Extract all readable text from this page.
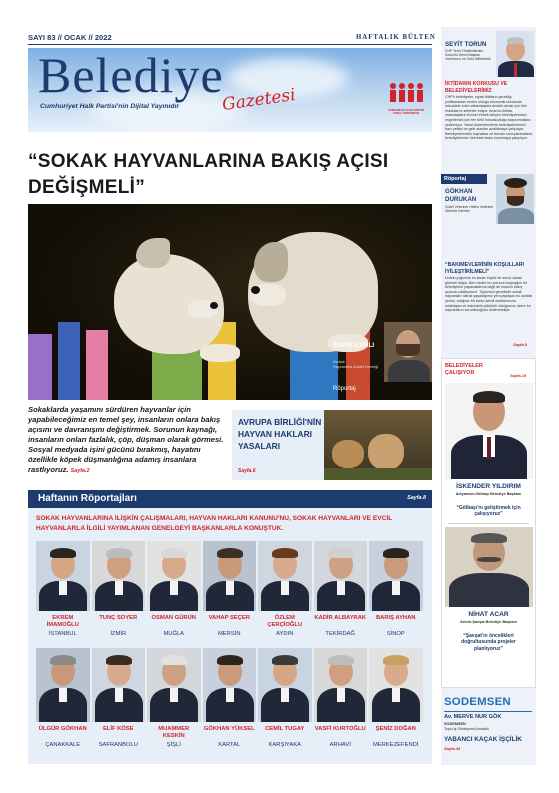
SAYI 83 // OCAK // 2022	HAFTALIK BÜLTEN
Belediye
Gazetesi
Cumhuriyet Halk Partisi'nin Dijital Yayınıdır
CUMHURİYET HALK PARTİSİ YEREL YÖNETİMLER
“SOKAK HAYVANLARINA BAKIŞ AÇISI DEĞİŞMELİ”
BARIŞ KARLI
Avukat
Hayvanlara Adalet Derneği
Röportaj
Sokaklarda yaşamını sürdüren hayvanlar için yapabileceğimiz en temel şey, insanların onlara bakış açısını ve davranışını değiştirmek. Sorunun kaynağı, insanların onları fazlalık, çöp, düşman olarak görmesi. Sosyal medyada işini gücünü bırakmış, hayatını özellikle köpek düşmanlığına adamış insanlara rastlıyoruz. Sayfa.2
AVRUPA BİRLİĞİ'NİN HAYVAN HAKLARI YASALARI
Sayfa.6
Haftanın Röportajları	Sayfa.8
SOKAK HAYVANLARINA İLİŞKİN ÇALIŞMALARI, HAYVAN HAKLARI KANUNU'NU, SOKAK HAYVANLARI VE EVCİL HAYVANLARLA İLGİLİ YAYIMLANAN GENELGEYİ BAŞKANLARLA KONUŞTUK.
EKREM İMAMOĞLU
İSTANBUL
TUNÇ SOYER
İZMİR
OSMAN GÜRÜN
MUĞLA
VAHAP SEÇER
MERSİN
ÖZLEM ÇERÇİOĞLU
AYDIN
KADİR ALBAYRAK
TEKİRDAĞ
BARIŞ AYHAN
SİNOP
ÜLGÜR GÖKHAN
ÇANAKKALE
ELİF KÖSE
SAFRANBOLU
MUAMMER KESKİN
ŞİŞLİ
GÖKHAN YÜKSEL
KARTAL
CEMİL TUGAY
KARŞIYAKA
VASFİ KURTOĞLU
ARHAVİ
ŞENİZ DOĞAN
MERKEZEFENDİ
SEYİT TORUN
CHP Yerel Yönetimlerden Sorumlu Genel Başkan Yardımcısı ve Ordu Milletvekili
İKTİDARIN KORKUSU VE BELEDİYELERİMİZ
CHP'li belediyeler, siyasi iktidarın yarattığı politikalardan neden olduğu ekonomik buhranda mücadele eden vatandaşlara destek olmak için tüm imkânlarını seferber ediyor. Ama bu iktidar, vatandaşlara Kızmet etmek isteyen belediyelerimizi engellemek için her türlü hukuksuzluğu başvurmaktan çekinmiyor. Yasal düzenlemelerle belediyelerimizin bazı yetkisi ve gelir alanları azaltılmaya çalışılıyor. Belediyelerimizin kaynaklar ve bunları sonuçlanmalarla belediyelerimiz üzerinde baskı kurulmaya çalışılıyor.
Röportaj
GÖKHAN DURUKAN
Güzel Veteriner Hekim Veteriner Ülkemiz Üzerine
“BAKIMEVLERİNİN KOŞULLARI İYİLEŞTİRİLMELİ”
Ürdeki yoğunluk bu kadar büyük bir sorun olarak görmek istiyor. Ben neden bu sorunun kaynağını bir belediyenin yapacaklarına değil de insanın bakış açısına odaklıyorum. Toplumun genelinde sokak hayvanları olarak yaşadığımız yeri paylaşan bu canlılar yerine, sahipsiz bir kadın-kendi dostlarımızla ortaklaşan ve bakmakla yükümlü olduğumuz üzere bu hayvanların sorumluluğunu üstlenmeliyiz.
Sayfa.5
BELEDİYELER ÇALIŞIYOR	Sayfa.15
İSKENDER YILDIRIM
Adıyaman-Gölbaşı Belediye Başkanı
“Gölbaşı'nı geliştirmek için çalışıyoruz”
NİHAT ACAR
Artvin-Şavşat Belediye Başkanı
“Şavşat'ın öncelikleri doğrultusunda projeler planlıyoruz”
SODEMSEN
Av. MERVE NUR GÖK
SODEMSEN
Toplu İş Sözleşmesi Anadalı
YABANCI KAÇAK İŞÇİLİK
Sayfa.34
